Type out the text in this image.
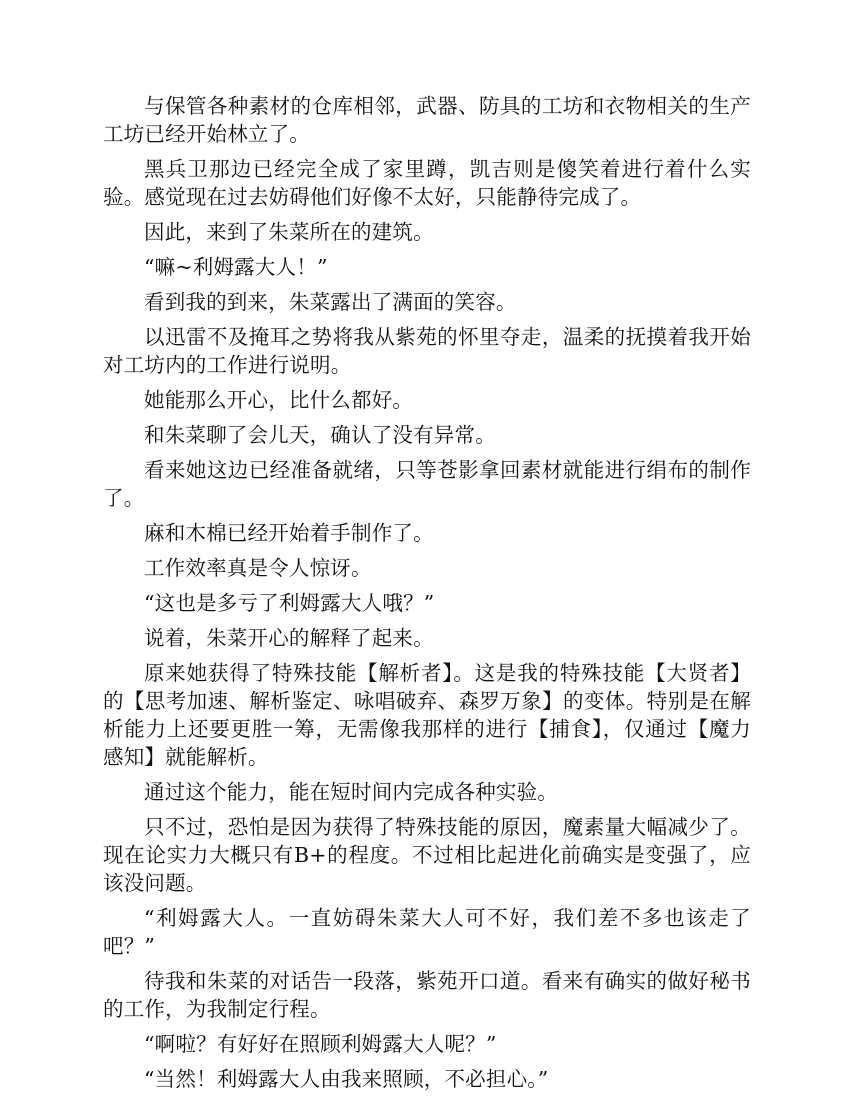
与保管各种素材的仓库相邻，武器、防具的工坊和衣物相关的生产工坊已经开始林立了。

黑兵卫那边已经完全成了家里蹲，凯吉则是傻笑着进行着什么实验。感觉现在过去妨碍他们好像不太好，只能静待完成了。

因此，来到了朱菜所在的建筑。

“嘛~利姆露大人！”

看到我的到来，朱菜露出了满面的笑容。

以迅雷不及掩耳之势将我从紫苑的怀里夺走，温柔的抚摸着我开始对工坊内的工作进行说明。

她能那么开心，比什么都好。

和朱菜聊了会儿天，确认了没有异常。

看来她这边已经准备就绪，只等苍影拿回素材就能进行绢布的制作了。

麻和木棉已经开始着手制作了。

工作效率真是令人惊讶。

“这也是多亏了利姆露大人哦？”

说着，朱菜开心的解释了起来。

原来她获得了特殊技能【解析者】。这是我的特殊技能【大贤者】的【思考加速、解析鉴定、咏唱破弃、森罗万象】的变体。特别是在解析能力上还要更胜一筹，无需像我那样的进行【捕食】，仅通过【魔力感知】就能解析。

通过这个能力，能在短时间内完成各种实验。

只不过，恐怕是因为获得了特殊技能的原因，魔素量大幅减少了。现在论实力大概只有B+的程度。不过相比起进化前确实是变强了，应该没问题。

“利姆露大人。一直妨碍朱菜大人可不好，我们差不多也该走了吧？”

待我和朱菜的对话告一段落，紫苑开口道。看来有确实的做好秘书的工作，为我制定行程。

“啊啦？有好好在照顾利姆露大人呢？”

“当然！利姆露大人由我来照顾，不必担心。”
